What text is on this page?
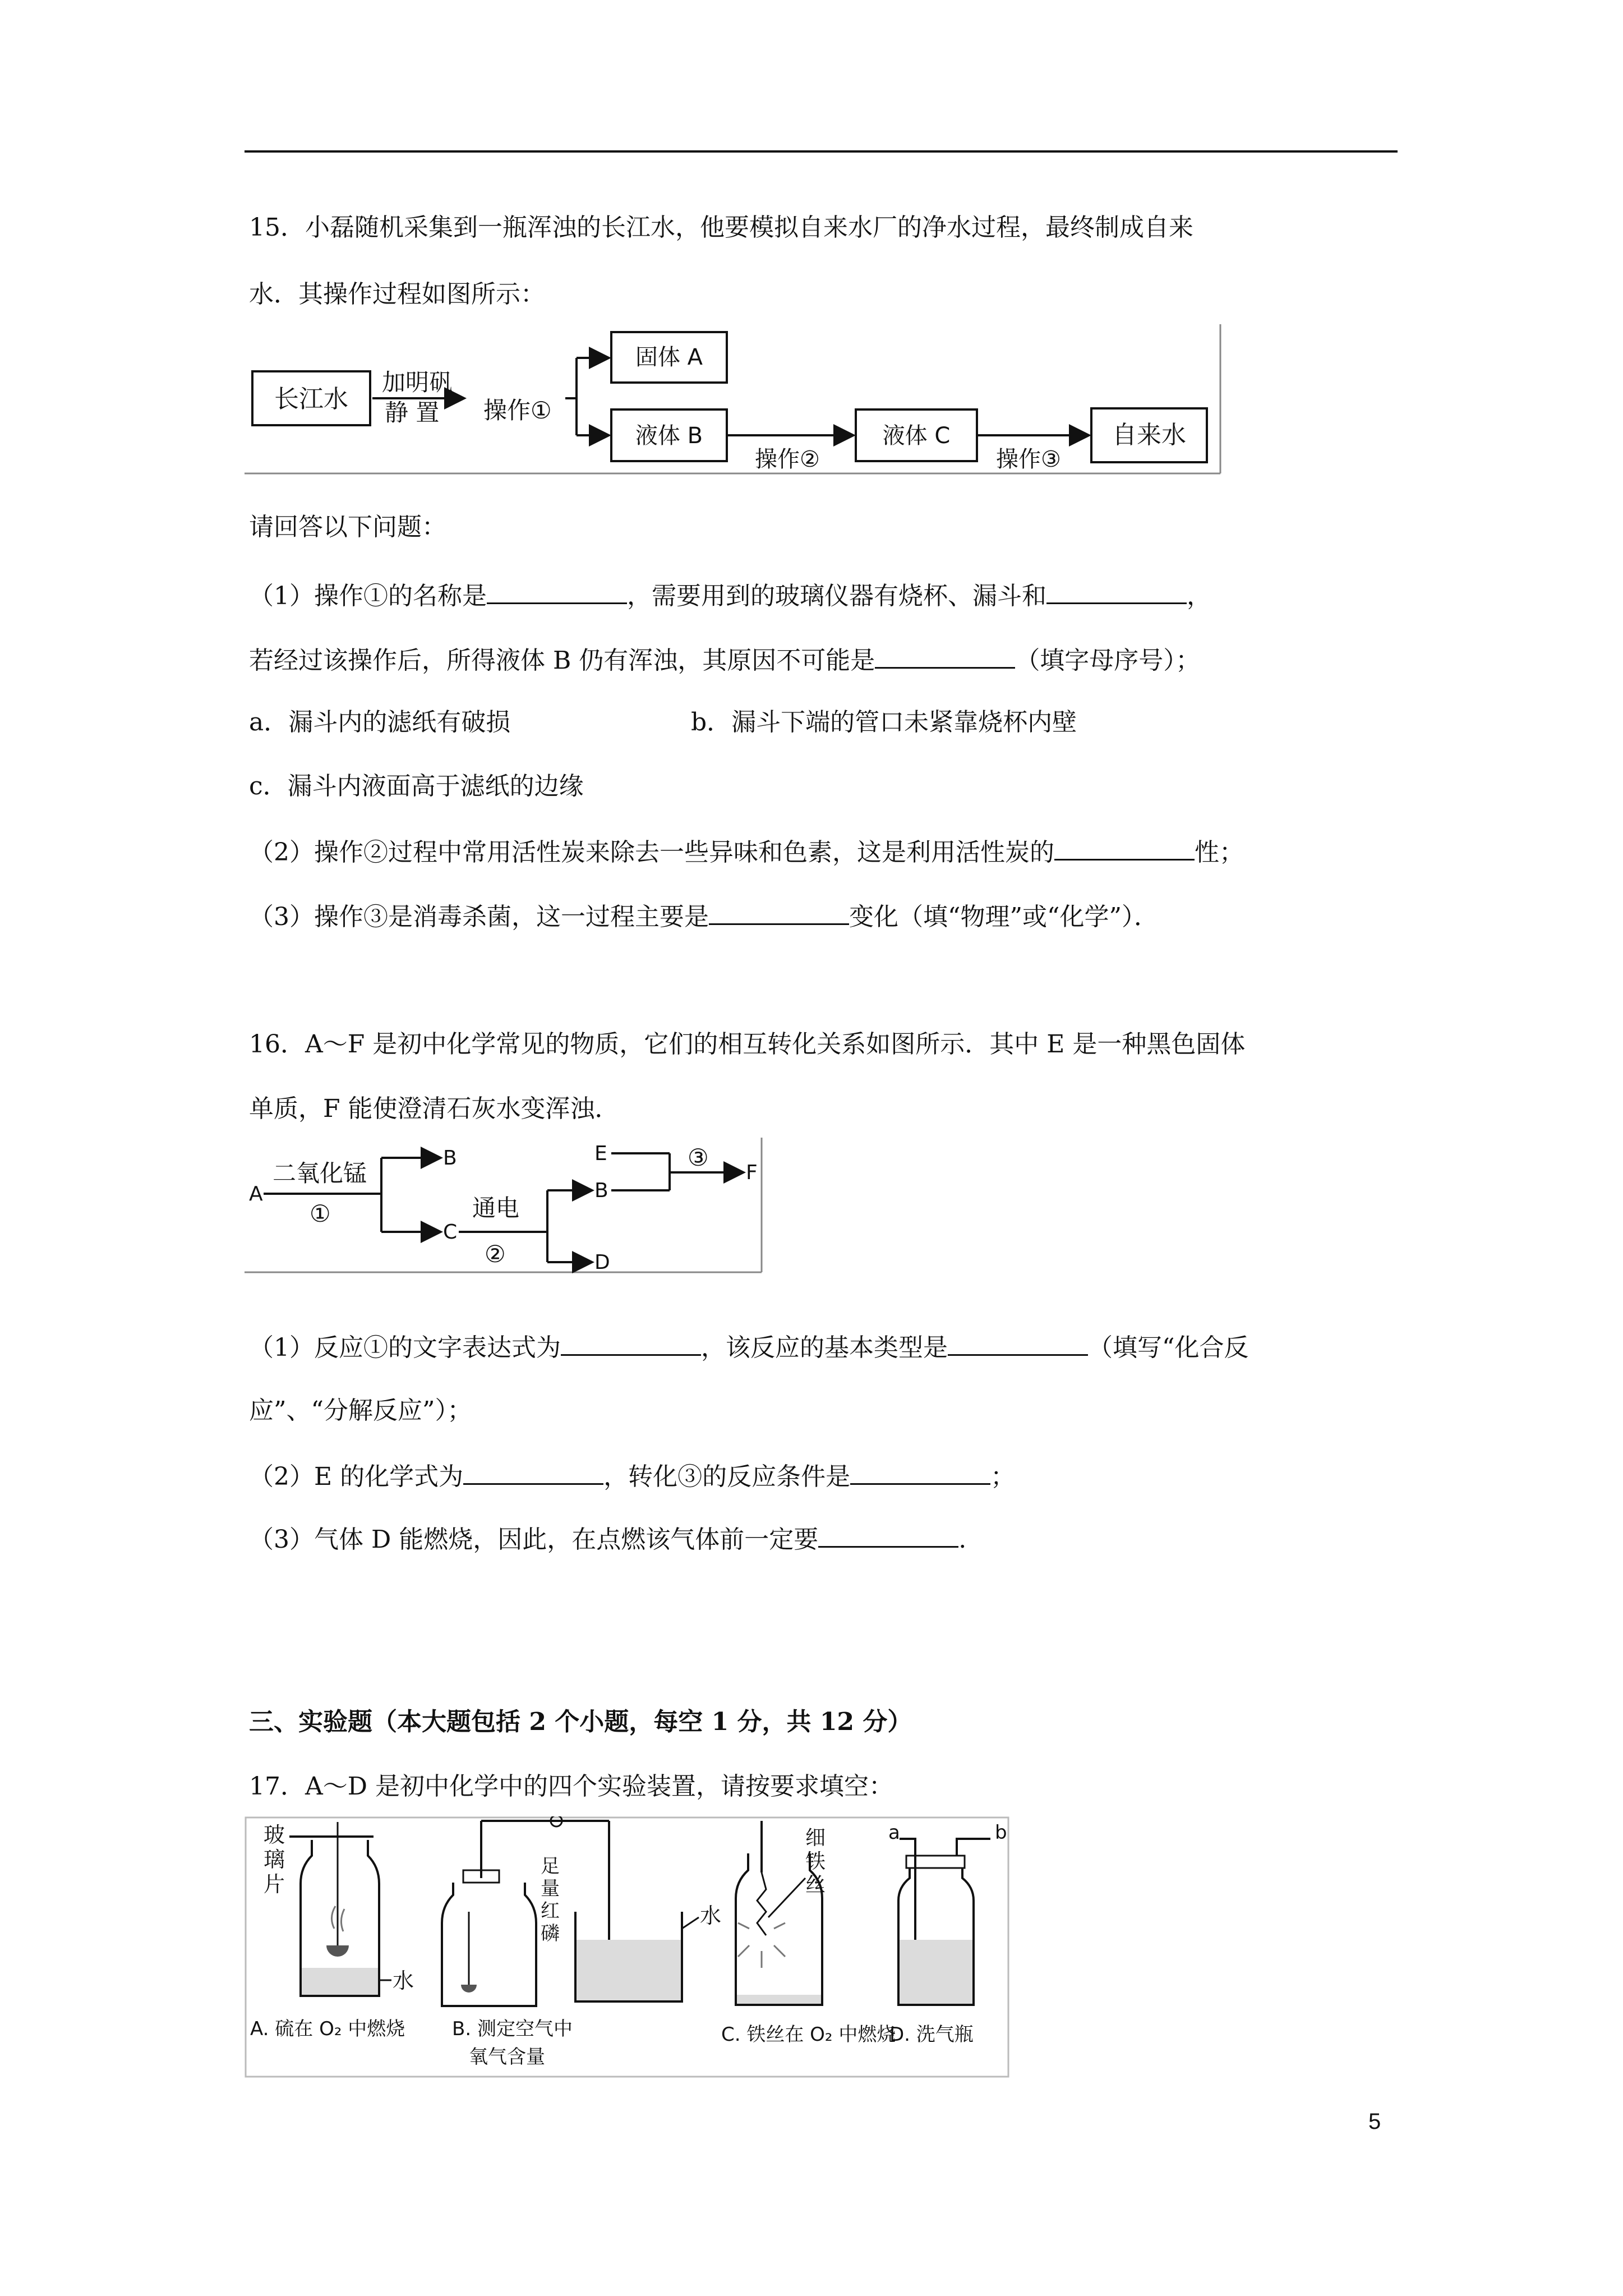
15．小磊随机采集到一瓶浑浊的长江水，他要模拟自来水厂的净水过程，最终制成自来
水．其操作过程如图所示：
长江水
加明矾
静 置 操作①
固体 A
液体 B
操作②
液体 C
操作③
自来水
请回答以下问题：
（1）操作①的名称是	，需要用到的玻璃仪器有烧杯、漏斗和	，
若经过该操作后，所得液体 B 仍有浑浊，其原因不可能是	（填字母序号）；
a．漏斗内的滤纸有破损	b．漏斗下端的管口未紧靠烧杯内壁
c．漏斗内液面高于滤纸的边缘
（2）操作②过程中常用活性炭来除去一些异味和色素，这是利用活性炭的	性；
（3）操作③是消毒杀菌，这一过程主要是	变化（填“物理”或“化学”）．
16．A～F 是初中化学常见的物质，它们的相互转化关系如图所示．其中 E 是一种黑色固体
单质，F 能使澄清石灰水变浑浊．
A
二氧化锰
①
B
C
通电
②
B
D
E	③
F
（1）反应①的文字表达式为	，该反应的基本类型是	（填写“化合反
应”、“分解反应”）；
（2）E 的化学式为	，转化③的反应条件是	；
（3）气体 D 能燃烧，因此，在点燃该气体前一定要	.
三、实验题（本大题包括 2 个小题，每空 1 分，共 12 分）
17．A～D 是初中化学中的四个实验装置，请按要求填空：
玻
璃
片
水
A. 硫在 O₂ 中燃烧
足
量
红
磷
水
B. 测定空气中
氧气含量
细
铁
丝
C. 铁丝在 O₂ 中燃烧
a	b
D. 洗气瓶
5
